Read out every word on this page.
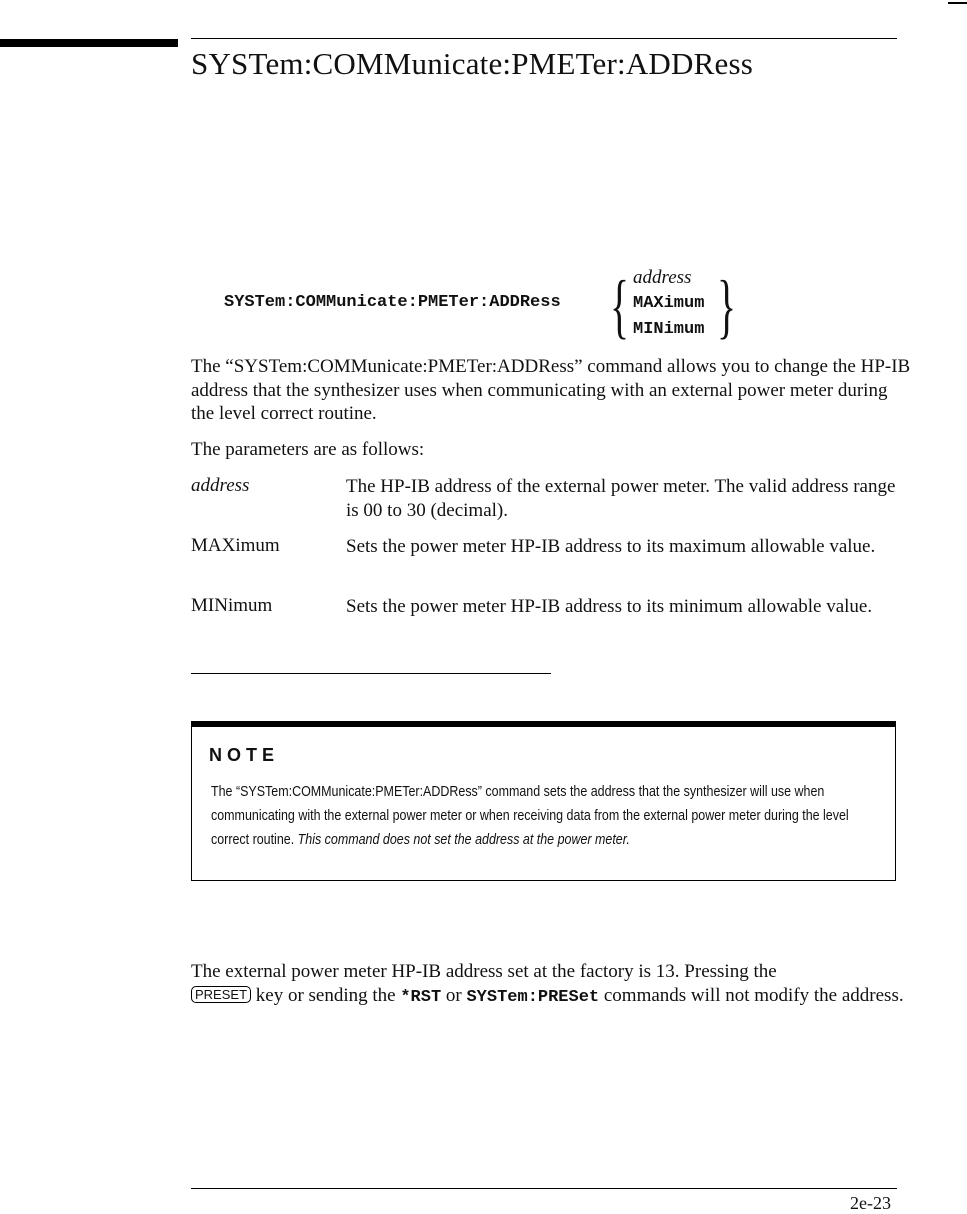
SYSTem:COMMunicate:PMETer:ADDRess
SYSTem:COMMunicate:PMETer:ADDRess { }
address
MAXimum
MINimum
The “SYSTem:COMMunicate:PMETer:ADDRess” command allows you to change the HP-IB address that the synthesizer uses when communicating with an external power meter during the level correct routine.
The parameters are as follows:
address	The HP-IB address of the external power meter. The valid address range is 00 to 30 (decimal).
MAXimum	Sets the power meter HP-IB address to its maximum allowable value.
MINimum	Sets the power meter HP-IB address to its minimum allowable value.
NOTE
The “SYSTem:COMMunicate:PMETer:ADDRess” command sets the address that the synthesizer will use when communicating with the external power meter or when receiving data from the external power meter during the level correct routine. This command does not set the address at the power meter.
The external power meter HP-IB address set at the factory is 13. Pressing the
PRESET key or sending the *RST or SYSTem:PRESet commands will not modify the address.
2e-23
